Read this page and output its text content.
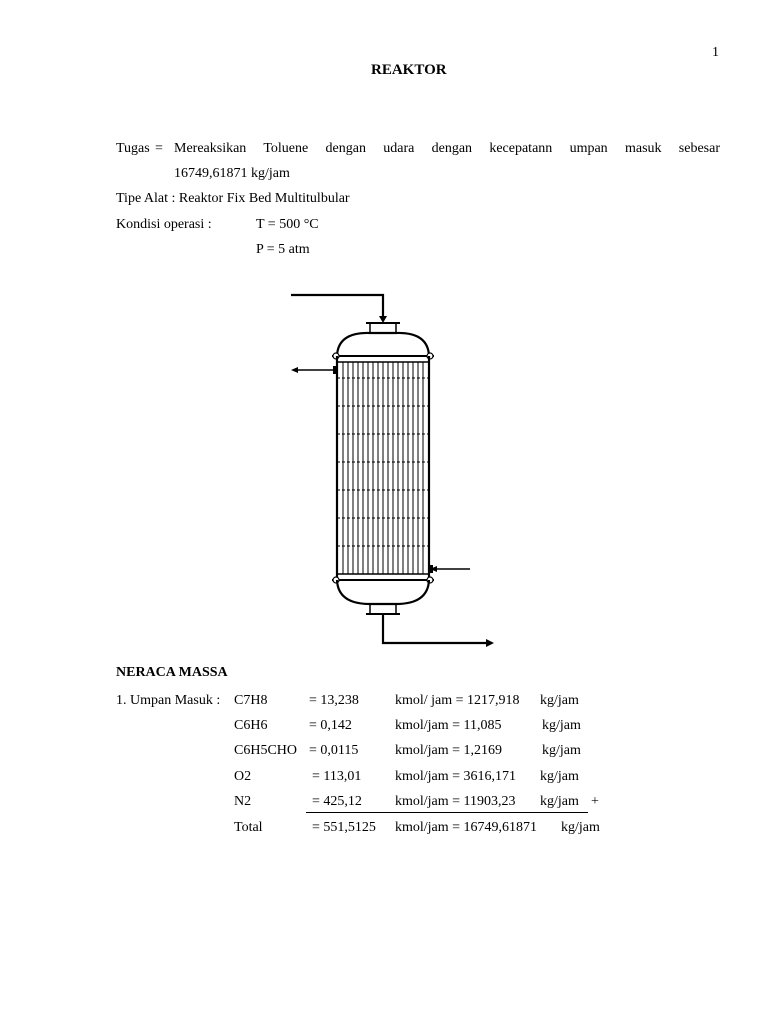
1
REAKTOR
Tugas = Mereaksikan Toluene dengan udara dengan kecepatann umpan masuk sebesar
16749,61871 kg/jam
Tipe Alat : Reaktor Fix Bed Multitulbular
Kondisi operasi :	T = 500 °C
P = 5 atm
NERACA MASSA
1. Umpan Masuk : C7H8	= 13,238	kmol/ jam = 1217,918 kg/jam
C6H6	= 0,142	kmol/jam = 11,085	kg/jam
C6H5CHO = 0,0115	kmol/jam = 1,2169	kg/jam
O2	= 113,01 kmol/jam = 3616,171 kg/jam
N2	= 425,12 kmol/jam = 11903,23 kg/jam +
Total	= 551,5125 kmol/jam = 16749,61871 kg/jam
